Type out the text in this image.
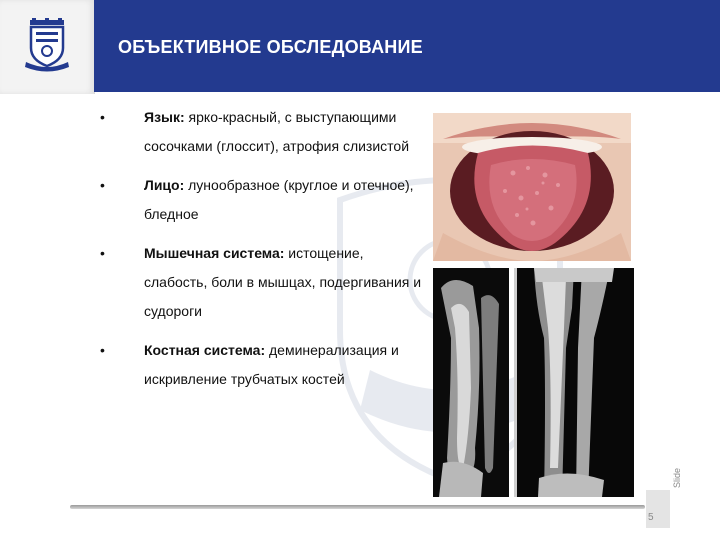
ОБЪЕКТИВНОЕ ОБСЛЕДОВАНИЕ
•	Язык: ярко-красный, с выступающими сосочками (глоссит), атрофия слизистой
•	Лицо: лунообразное (круглое и отечное), бледное
•	Мышечная система: истощение, слабость, боли в мышцах, подергивания и судороги
•	Костная система: деминерализация и искривление трубчатых костей
5
Slide
